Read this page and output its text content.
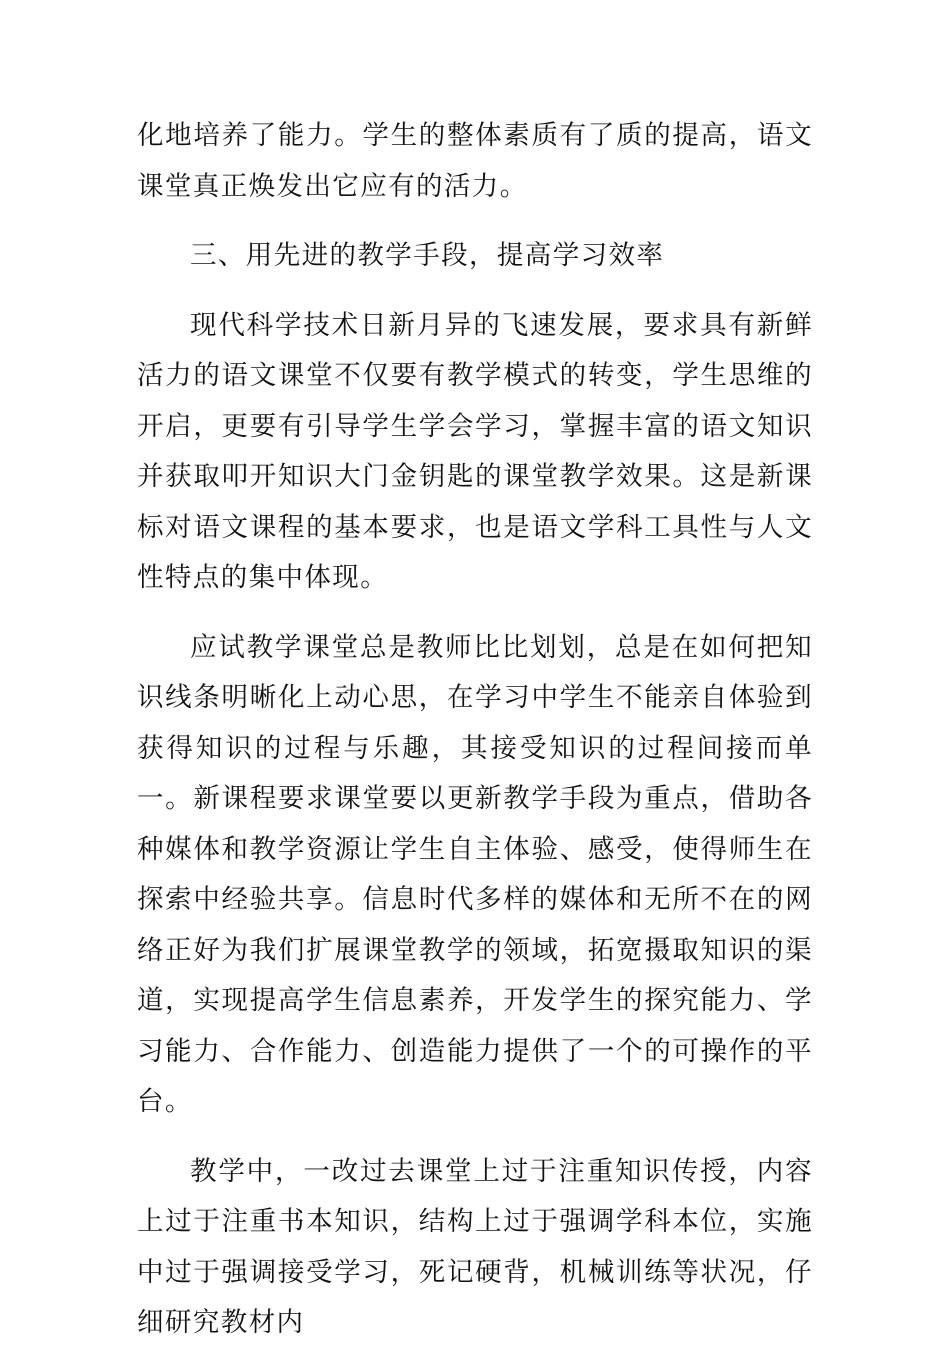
化地培养了能力。学生的整体素质有了质的提高，语文课堂真正焕发出它应有的活力。

三、用先进的教学手段，提高学习效率

现代科学技术日新月异的飞速发展，要求具有新鲜活力的语文课堂不仅要有教学模式的转变，学生思维的开启，更要有引导学生学会学习，掌握丰富的语文知识并获取叩开知识大门金钥匙的课堂教学效果。这是新课标对语文课程的基本要求，也是语文学科工具性与人文性特点的集中体现。

应试教学课堂总是教师比比划划，总是在如何把知识线条明晰化上动心思，在学习中学生不能亲自体验到获得知识的过程与乐趣，其接受知识的过程间接而单一。新课程要求课堂要以更新教学手段为重点，借助各种媒体和教学资源让学生自主体验、感受，使得师生在探索中经验共享。信息时代多样的媒体和无所不在的网络正好为我们扩展课堂教学的领域，拓宽摄取知识的渠道，实现提高学生信息素养，开发学生的探究能力、学习能力、合作能力、创造能力提供了一个的可操作的平台。

教学中，一改过去课堂上过于注重知识传授，内容上过于注重书本知识，结构上过于强调学科本位，实施中过于强调接受学习，死记硬背，机械训练等状况，仔细研究教材内
